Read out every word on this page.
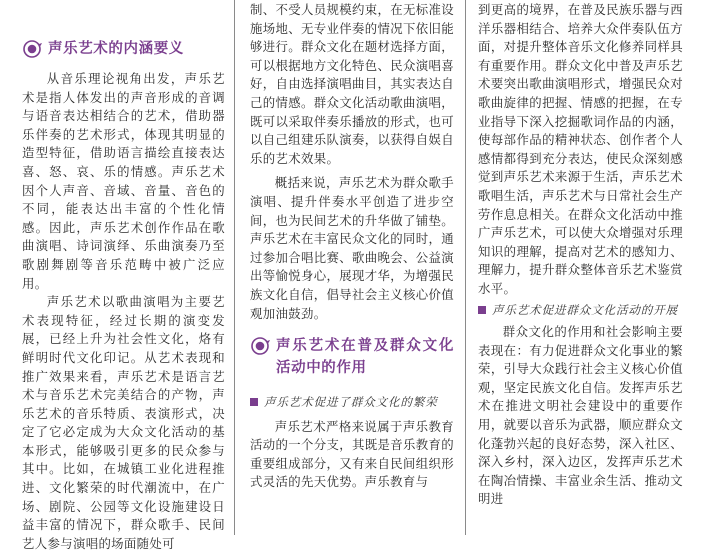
声乐艺术的内涵要义

从音乐理论视角出发，声乐艺术是指人体发出的声音形成的音调与语音表达相结合的艺术，借助器乐伴奏的艺术形式，体现其明显的造型特征，借助语言描绘直接表达喜、怒、哀、乐的情感。声乐艺术因个人声音、音域、音量、音色的不同，能表达出丰富的个性化情感。因此，声乐艺术创作作品在歌曲演唱、诗词演绎、乐曲演奏乃至歌剧舞剧等音乐范畴中被广泛应用。

声乐艺术以歌曲演唱为主要艺术表现特征，经过长期的演变发展，已经上升为社会性文化，烙有鲜明时代文化印记。从艺术表现和推广效果来看，声乐艺术是语言艺术与音乐艺术完美结合的产物，声乐艺术的音乐特质、表演形式，决定了它必定成为大众文化活动的基本形式，能够吸引更多的民众参与其中。比如，在城镇工业化进程推进、文化繁荣的时代潮流中，在广场、剧院、公园等文化设施建设日益丰富的情况下，群众歌手、民间艺人参与演唱的场面随处可

制、不受人员规模约束，在无标准设施场地、无专业伴奏的情况下依旧能够进行。群众文化在题材选择方面，可以根据地方文化特色、民众演唱喜好，自由选择演唱曲目，其实表达自己的情感。群众文化活动歌曲演唱，既可以采取伴奏乐播放的形式，也可以自己组建乐队演奏，以获得自娱自乐的艺术效果。

概括来说，声乐艺术为群众歌手演唱、提升伴奏水平创造了进步空间，也为民间艺术的升华做了铺垫。声乐艺术在丰富民众文化的同时，通过参加合唱比赛、歌曲晚会、公益演出等愉悦身心，展现才华，为增强民族文化自信，倡导社会主义核心价值观加油鼓劲。

声乐艺术在普及群众文化活动中的作用
声乐艺术促进了群众文化的繁荣

声乐艺术严格来说属于声乐教育活动的一个分支，其既是音乐教育的重要组成部分，又有来自民间组织形式灵活的先天优势。声乐教育与

到更高的境界，在普及民族乐器与西洋乐器相结合、培养大众伴奏队伍方面，对提升整体音乐文化修养同样具有重要作用。群众文化中普及声乐艺术要突出歌曲演唱形式，增强民众对歌曲旋律的把握、情感的把握，在专业指导下深入挖掘歌词作品的内涵，使每部作品的精神状态、创作者个人感情都得到充分表达，使民众深刻感觉到声乐艺术来源于生活，声乐艺术歌唱生活，声乐艺术与日常社会生产劳作息息相关。在群众文化活动中推广声乐艺术，可以使大众增强对乐理知识的理解，提高对艺术的感知力、理解力，提升群众整体音乐艺术鉴赏水平。

声乐艺术促进群众文化活动的开展

群众文化的作用和社会影响主要表现在：有力促进群众文化事业的繁荣，引导大众践行社会主义核心价值观，坚定民族文化自信。发挥声乐艺术在推进文明社会建设中的重要作用，就要以音乐为武器，顺应群众文化蓬勃兴起的良好态势，深入社区、深入乡村，深入边区，发挥声乐艺术在陶冶情操、丰富业余生活、推动文明进
